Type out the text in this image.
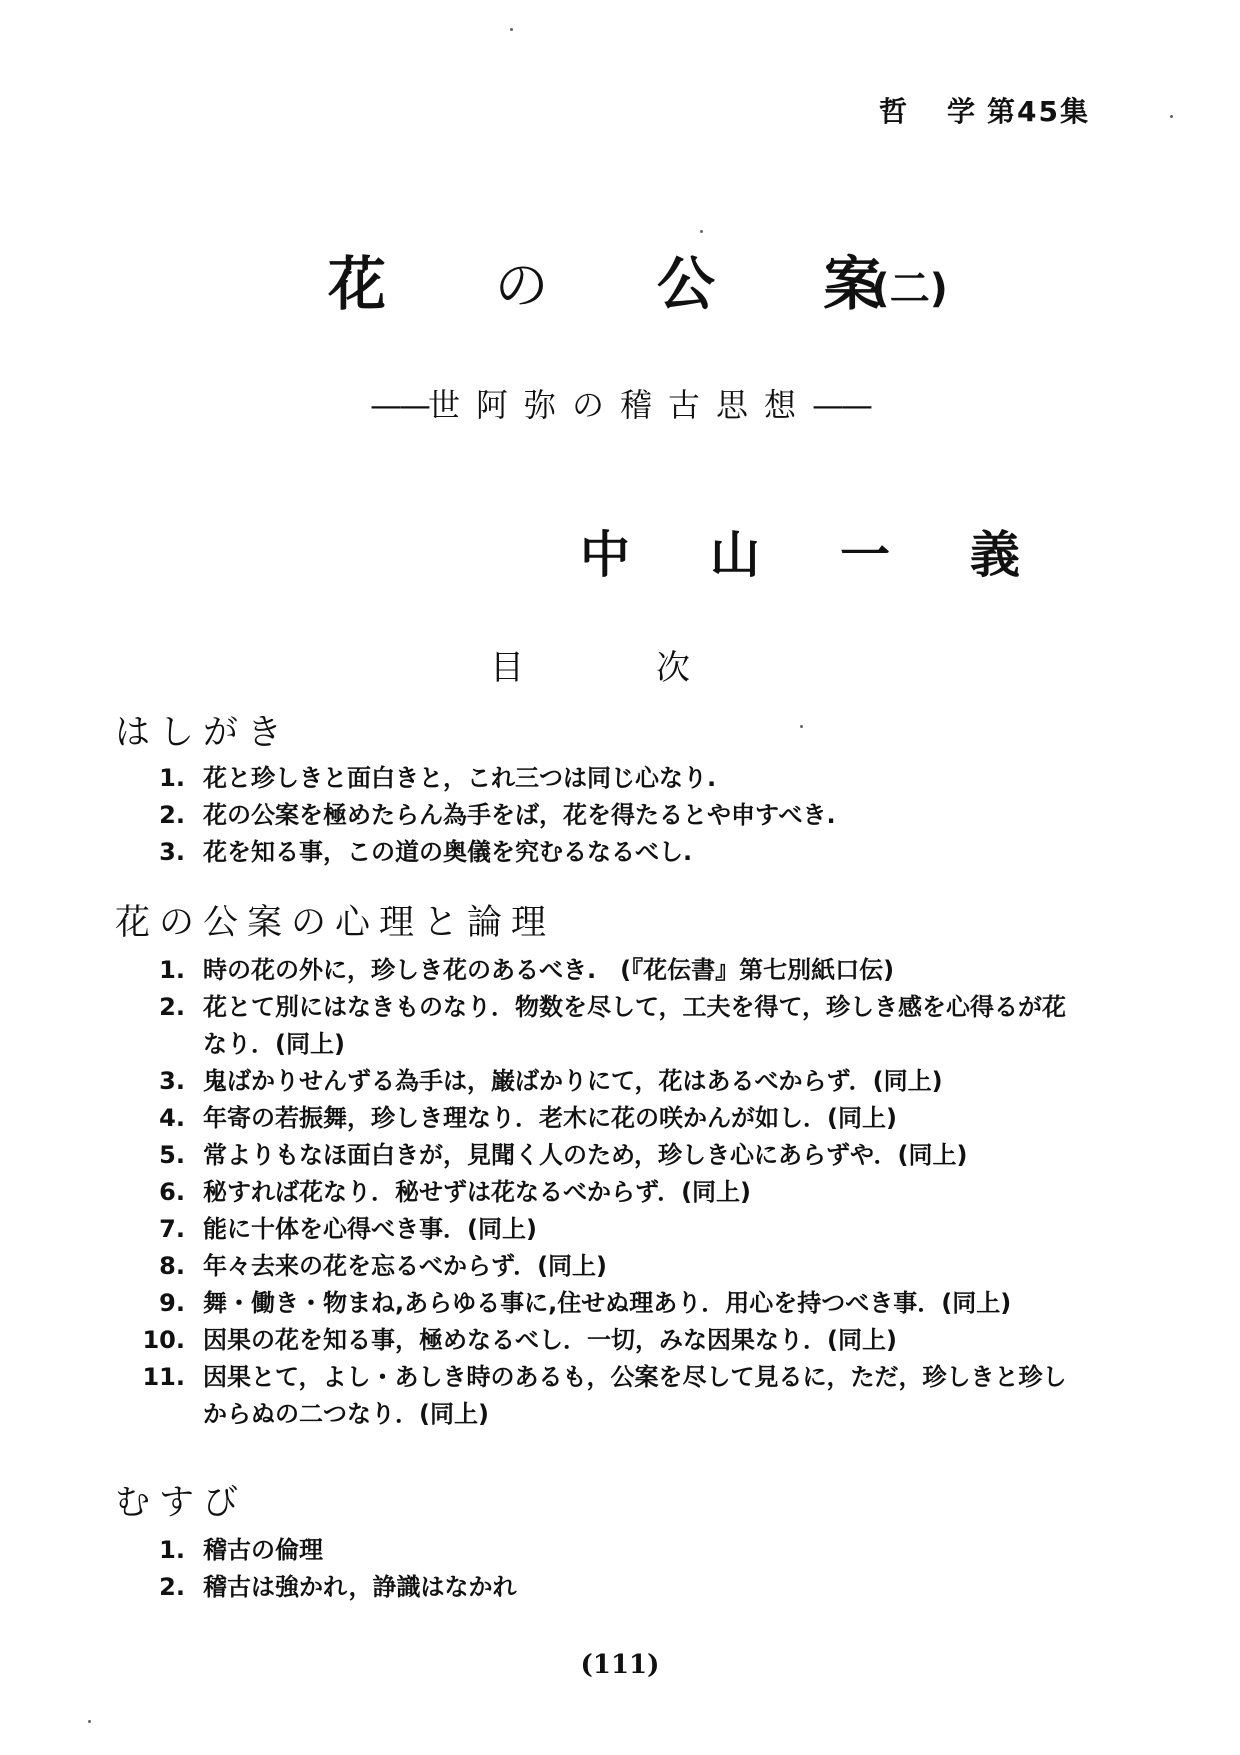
哲 学 第45集
花 の 公 案
(二)
——世阿弥の稽古思想——
中 山 一 義
目	次
はしがき
1. 花と珍しきと面白きと，これ三つは同じ心なり.
2. 花の公案を極めたらん為手をば，花を得たるとや申すべき.
3. 花を知る事，この道の奥儀を究むるなるべし.
花の公案の心理と論理
1. 時の花の外に，珍しき花のあるべき.　(『花伝書』第七別紙口伝)
2. 花とて別にはなきものなり．物数を尽して，工夫を得て，珍しき感を心得るが花なり．(同上)
3. 鬼ばかりせんずる為手は，巌ばかりにて，花はあるべからず．(同上)
4. 年寄の若振舞，珍しき理なり．老木に花の咲かんが如し．(同上)
5. 常よりもなほ面白きが，見聞く人のため，珍しき心にあらずや．(同上)
6. 秘すれば花なり．秘せずは花なるべからず．(同上)
7. 能に十体を心得べき事．(同上)
8. 年々去来の花を忘るべからず．(同上)
9. 舞・働き・物まね,あらゆる事に,住せぬ理あり．用心を持つべき事．(同上)
10. 因果の花を知る事，極めなるべし．一切，みな因果なり．(同上)
11. 因果とて，よし・あしき時のあるも，公案を尽して見るに，ただ，珍しきと珍しからぬの二つなり．(同上)
むすび
1. 稽古の倫理
2. 稽古は強かれ，諍識はなかれ
(111)
